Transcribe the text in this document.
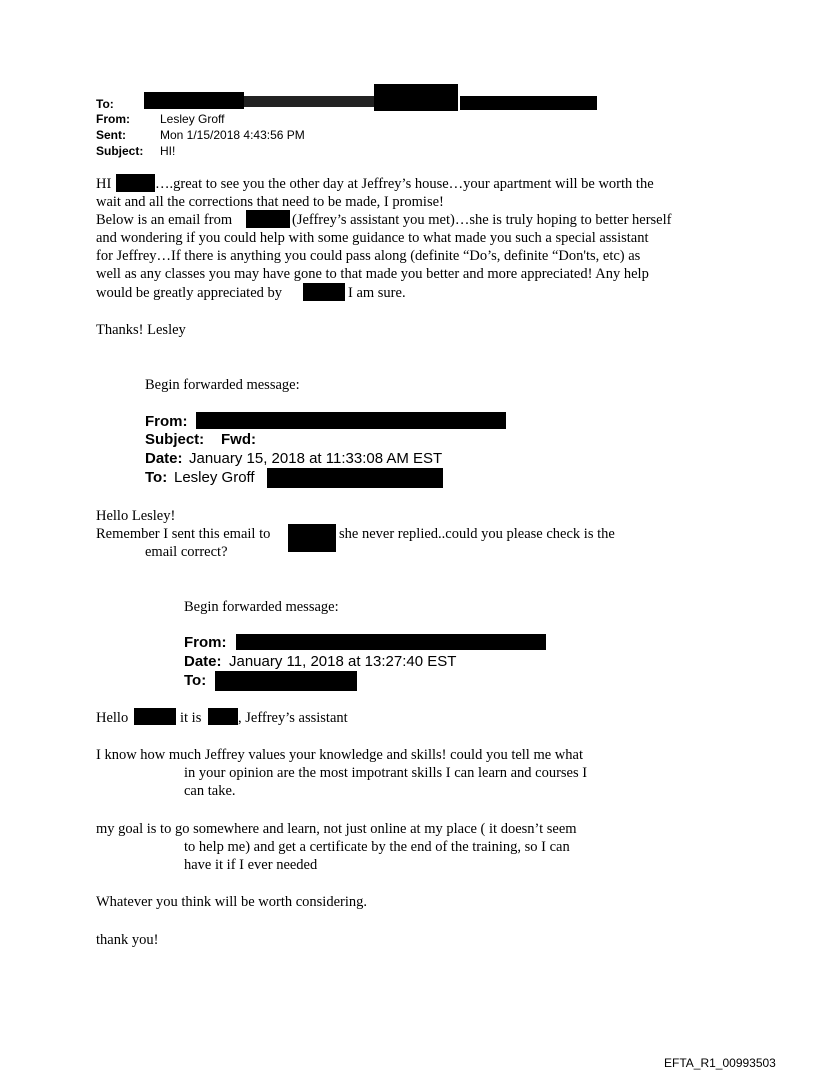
To:
From:	Lesley Groff
Sent:	Mon 1/15/2018 4:43:56 PM
Subject: HI!
HI	….great to see you the other day at Jeffrey’s house…your apartment will be worth the
wait and all the corrections that need to be made, I promise!
Below is an email from	(Jeffrey’s assistant you met)…she is truly hoping to better herself
and wondering if you could help with some guidance to what made you such a special assistant
for Jeffrey…If there is anything you could pass along (definite “Do’s, definite “Don'ts, etc) as
well as any classes you may have gone to that made you better and more appreciated! Any help
would be greatly appreciated by	I am sure.
Thanks! Lesley
Begin forwarded message:
From:
Subject: Fwd:
Date: January 15, 2018 at 11:33:08 AM EST
To: Lesley Groff
Hello Lesley!
Remember I sent this email to	she never replied..could you please check is the
email correct?
Begin forwarded message:
From:
Date: January 11, 2018 at 13:27:40 EST
To:
Hello	it is	, Jeffrey’s assistant
I know how much Jeffrey values your knowledge and skills! could you tell me what
in your opinion are the most impotrant skills I can learn and courses I
can take.
my goal is to go somewhere and learn, not just online at my place ( it doesn’t seem
to help me) and get a certificate by the end of the training, so I can
have it if I ever needed
Whatever you think will be worth considering.
thank you!
EFTA_R1_00993503
